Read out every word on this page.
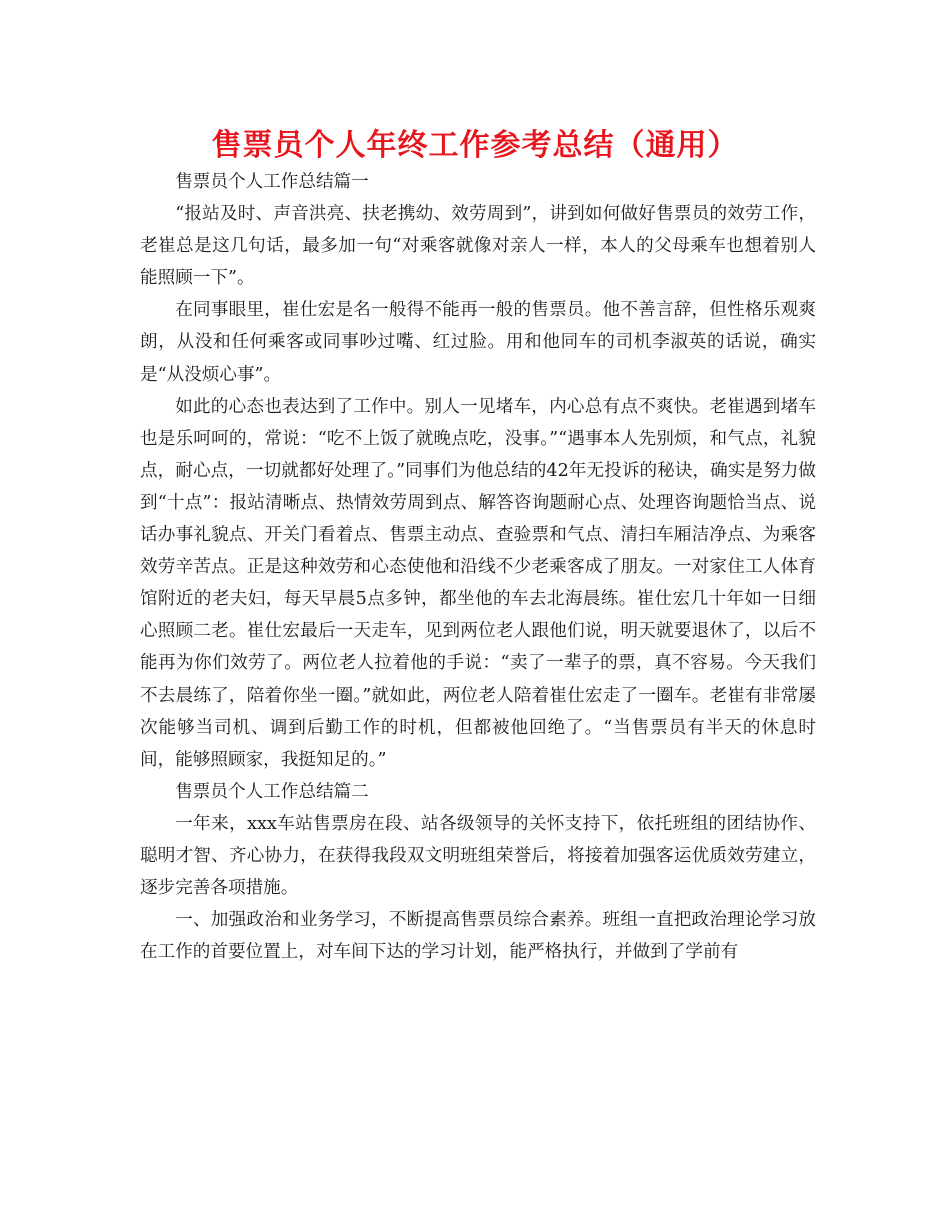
售票员个人年终工作参考总结（通用）

售票员个人工作总结篇一

“报站及时、声音洪亮、扶老携幼、效劳周到”，讲到如何做好售票员的效劳工作，老崔总是这几句话，最多加一句“对乘客就像对亲人一样，本人的父母乘车也想着别人能照顾一下”。

在同事眼里，崔仕宏是名一般得不能再一般的售票员。他不善言辞，但性格乐观爽朗，从没和任何乘客或同事吵过嘴、红过脸。用和他同车的司机李淑英的话说，确实是“从没烦心事”。

如此的心态也表达到了工作中。别人一见堵车，内心总有点不爽快。老崔遇到堵车也是乐呵呵的，常说：“吃不上饭了就晚点吃，没事。”“遇事本人先别烦，和气点，礼貌点，耐心点，一切就都好处理了。”同事们为他总结的42年无投诉的秘诀，确实是努力做到“十点”：报站清晰点、热情效劳周到点、解答咨询题耐心点、处理咨询题恰当点、说话办事礼貌点、开关门看着点、售票主动点、查验票和气点、清扫车厢洁净点、为乘客效劳辛苦点。正是这种效劳和心态使他和沿线不少老乘客成了朋友。一对家住工人体育馆附近的老夫妇，每天早晨5点多钟，都坐他的车去北海晨练。崔仕宏几十年如一日细心照顾二老。崔仕宏最后一天走车，见到两位老人跟他们说，明天就要退休了，以后不能再为你们效劳了。两位老人拉着他的手说：“卖了一辈子的票，真不容易。今天我们不去晨练了，陪着你坐一圈。”就如此，两位老人陪着崔仕宏走了一圈车。老崔有非常屡次能够当司机、调到后勤工作的时机，但都被他回绝了。“当售票员有半天的休息时间，能够照顾家，我挺知足的。”

售票员个人工作总结篇二

一年来，xxx车站售票房在段、站各级领导的关怀支持下，依托班组的团结协作、聪明才智、齐心协力，在获得我段双文明班组荣誉后，将接着加强客运优质效劳建立，逐步完善各项措施。

一、加强政治和业务学习，不断提高售票员综合素养。班组一直把政治理论学习放在工作的首要位置上，对车间下达的学习计划，能严格执行，并做到了学前有
